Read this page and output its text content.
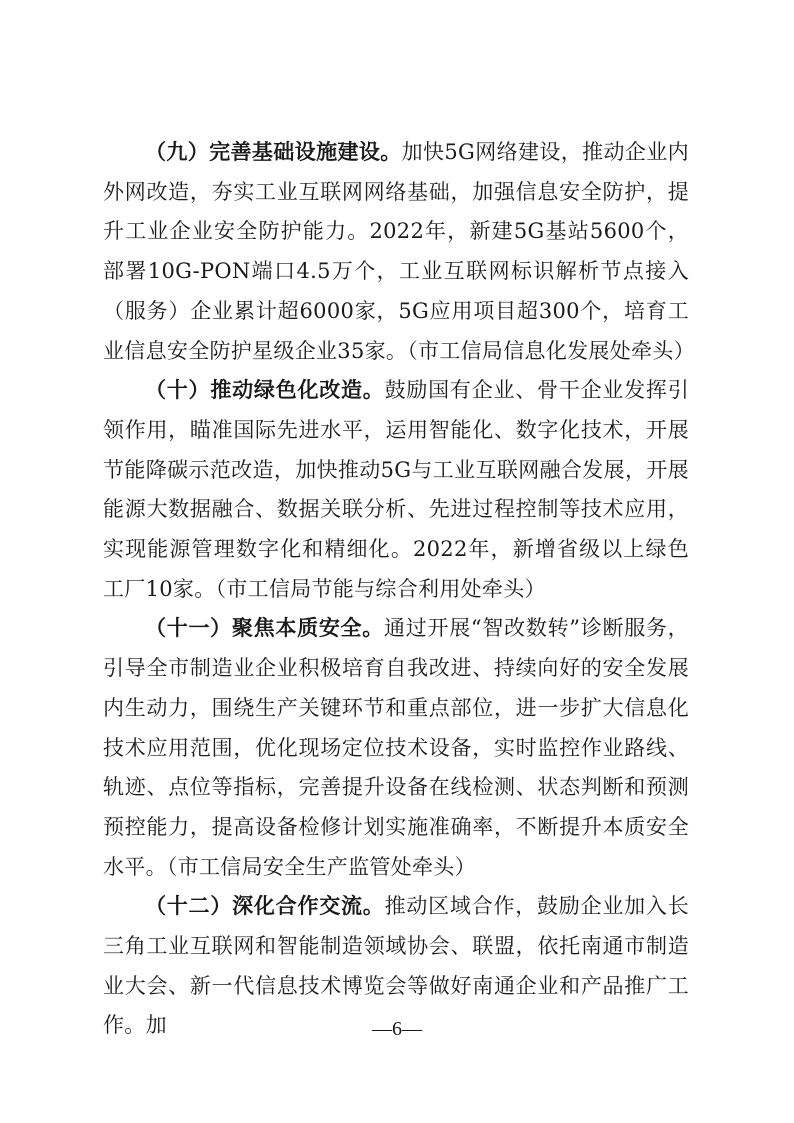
（九）完善基础设施建设。加快5G网络建设，推动企业内外网改造，夯实工业互联网网络基础，加强信息安全防护，提升工业企业安全防护能力。2022年，新建5G基站5600个，部署10G-PON端口4.5万个，工业互联网标识解析节点接入（服务）企业累计超6000家，5G应用项目超300个，培育工业信息安全防护星级企业35家。（市工信局信息化发展处牵头）

（十）推动绿色化改造。鼓励国有企业、骨干企业发挥引领作用，瞄准国际先进水平，运用智能化、数字化技术，开展节能降碳示范改造，加快推动5G与工业互联网融合发展，开展能源大数据融合、数据关联分析、先进过程控制等技术应用，实现能源管理数字化和精细化。2022年，新增省级以上绿色工厂10家。（市工信局节能与综合利用处牵头）

（十一）聚焦本质安全。通过开展“智改数转”诊断服务，引导全市制造业企业积极培育自我改进、持续向好的安全发展内生动力，围绕生产关键环节和重点部位，进一步扩大信息化技术应用范围，优化现场定位技术设备，实时监控作业路线、轨迹、点位等指标，完善提升设备在线检测、状态判断和预测预控能力，提高设备检修计划实施准确率，不断提升本质安全水平。（市工信局安全生产监管处牵头）

（十二）深化合作交流。推动区域合作，鼓励企业加入长三角工业互联网和智能制造领域协会、联盟，依托南通市制造业大会、新一代信息技术博览会等做好南通企业和产品推广工作。加	—6—
